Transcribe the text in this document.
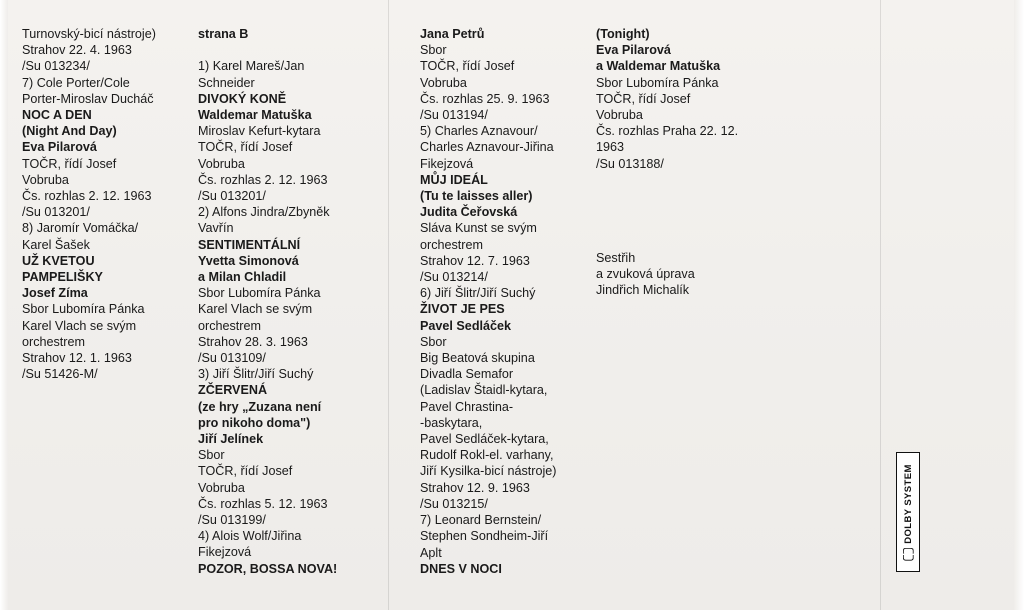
Turnovský-bicí nástroje)
Strahov 22. 4. 1963
/Su 013234/
7) Cole Porter/Cole
Porter-Miroslav Ducháč
NOC A DEN
(Night And Day)
Eva Pilarová
TOČR, řídí Josef
Vobruba
Čs. rozhlas 2. 12. 1963
/Su 013201/
8) Jaromír Vomáčka/
Karel Šašek
UŽ KVETOU
PAMPELIŠKY
Josef Zíma
Sbor Lubomíra Pánka
Karel Vlach se svým
orchestrem
Strahov 12. 1. 1963
/Su 51426-M/
strana B
1) Karel Mareš/Jan
Schneider
DIVOKÝ KONĚ
Waldemar Matuška
Miroslav Kefurt-kytara
TOČR, řídí Josef
Vobruba
Čs. rozhlas 2. 12. 1963
/Su 013201/
2) Alfons Jindra/Zbyněk
Vavřín
SENTIMENTÁLNÍ
Yvetta Simonová
a Milan Chladil
Sbor Lubomíra Pánka
Karel Vlach se svým
orchestrem
Strahov 28. 3. 1963
/Su 013109/
3) Jiří Šlitr/Jiří Suchý
ZČERVENÁ
(ze hry „Zuzana není
pro nikoho doma")
Jiří Jelínek
Sbor
TOČR, řídí Josef
Vobruba
Čs. rozhlas 5. 12. 1963
/Su 013199/
4) Alois Wolf/Jiřina
Fikejzová
POZOR, BOSSA NOVA!
Jana Petrů
Sbor
TOČR, řídí Josef
Vobruba
Čs. rozhlas 25. 9. 1963
/Su 013194/
5) Charles Aznavour/
Charles Aznavour-Jiřina
Fikejzová
MŮJ IDEÁL
(Tu te laisses aller)
Judita Čeřovská
Sláva Kunst se svým
orchestrem
Strahov 12. 7. 1963
/Su 013214/
6) Jiří Šlitr/Jiří Suchý
ŽIVOT JE PES
Pavel Sedláček
Sbor
Big Beatová skupina
Divadla Semafor
(Ladislav Štaidl-kytara,
Pavel Chrastina-
-baskytara,
Pavel Sedláček-kytara,
Rudolf Rokl-el. varhany,
Jiří Kysilka-bicí nástroje)
Strahov 12. 9. 1963
/Su 013215/
7) Leonard Bernstein/
Stephen Sondheim-Jiří
Aplt
DNES V NOCI
(Tonight)
Eva Pilarová
a Waldemar Matuška
Sbor Lubomíra Pánka
TOČR, řídí Josef
Vobruba
Čs. rozhlas Praha 22. 12.
1963
/Su 013188/
Sestřih
a zvuková úprava
Jindřich Michalík
DOLBY SYSTEM
